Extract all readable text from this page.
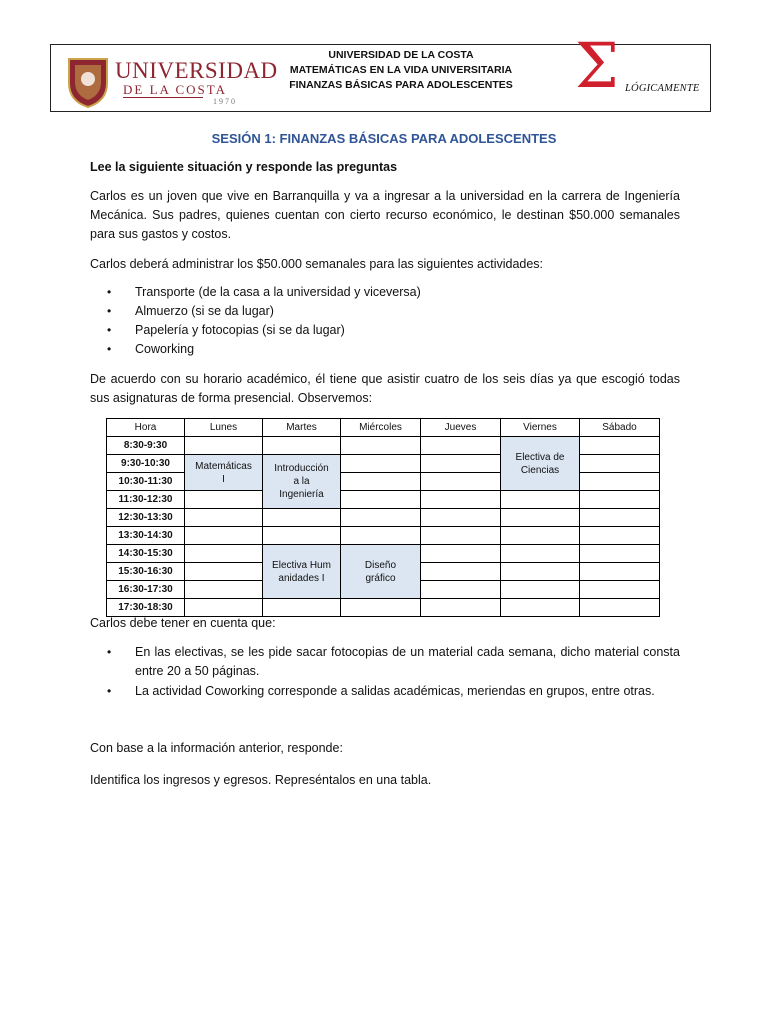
UNIVERSIDAD
DE LA COSTA
1970
UNIVERSIDAD DE LA COSTA
MATEMÁTICAS EN LA VIDA UNIVERSITARIA
FINANZAS BÁSICAS PARA ADOLESCENTES	Σ LÓGICAMENTE
SESIÓN 1: FINANZAS BÁSICAS PARA ADOLESCENTES
Lee la siguiente situación y responde las preguntas
Carlos es un joven que vive en Barranquilla y va a ingresar a la universidad en la carrera de Ingeniería Mecánica. Sus padres, quienes cuentan con cierto recurso económico, le destinan $50.000 semanales para sus gastos y costos.
Carlos deberá administrar los $50.000 semanales para las siguientes actividades:
• Transporte (de la casa a la universidad y viceversa)
• Almuerzo (si se da lugar)
• Papelería y fotocopias (si se da lugar)
• Coworking
De acuerdo con su horario académico, él tiene que asistir cuatro de los seis días ya que escogió todas sus asignaturas de forma presencial. Observemos:
Hora	Lunes	Martes	Miércoles	Jueves	Viernes	Sábado
8:30-9:30					Electiva de Ciencias	
9:30-10:30	Matemáticas I	Introducción a la Ingeniería				
10:30-11:30						
11:30-12:30						
12:30-13:30						
13:30-14:30						
14:30-15:30		Electiva Humanidades I	Diseño gráfico			
15:30-16:30						
16:30-17:30						
17:30-18:30						
Carlos debe tener en cuenta que:
• En las electivas, se les pide sacar fotocopias de un material cada semana, dicho material consta entre 20 a 50 páginas.
• La actividad Coworking corresponde a salidas académicas, meriendas en grupos, entre otras.
Con base a la información anterior, responde:
Identifica los ingresos y egresos. Represéntalos en una tabla.
